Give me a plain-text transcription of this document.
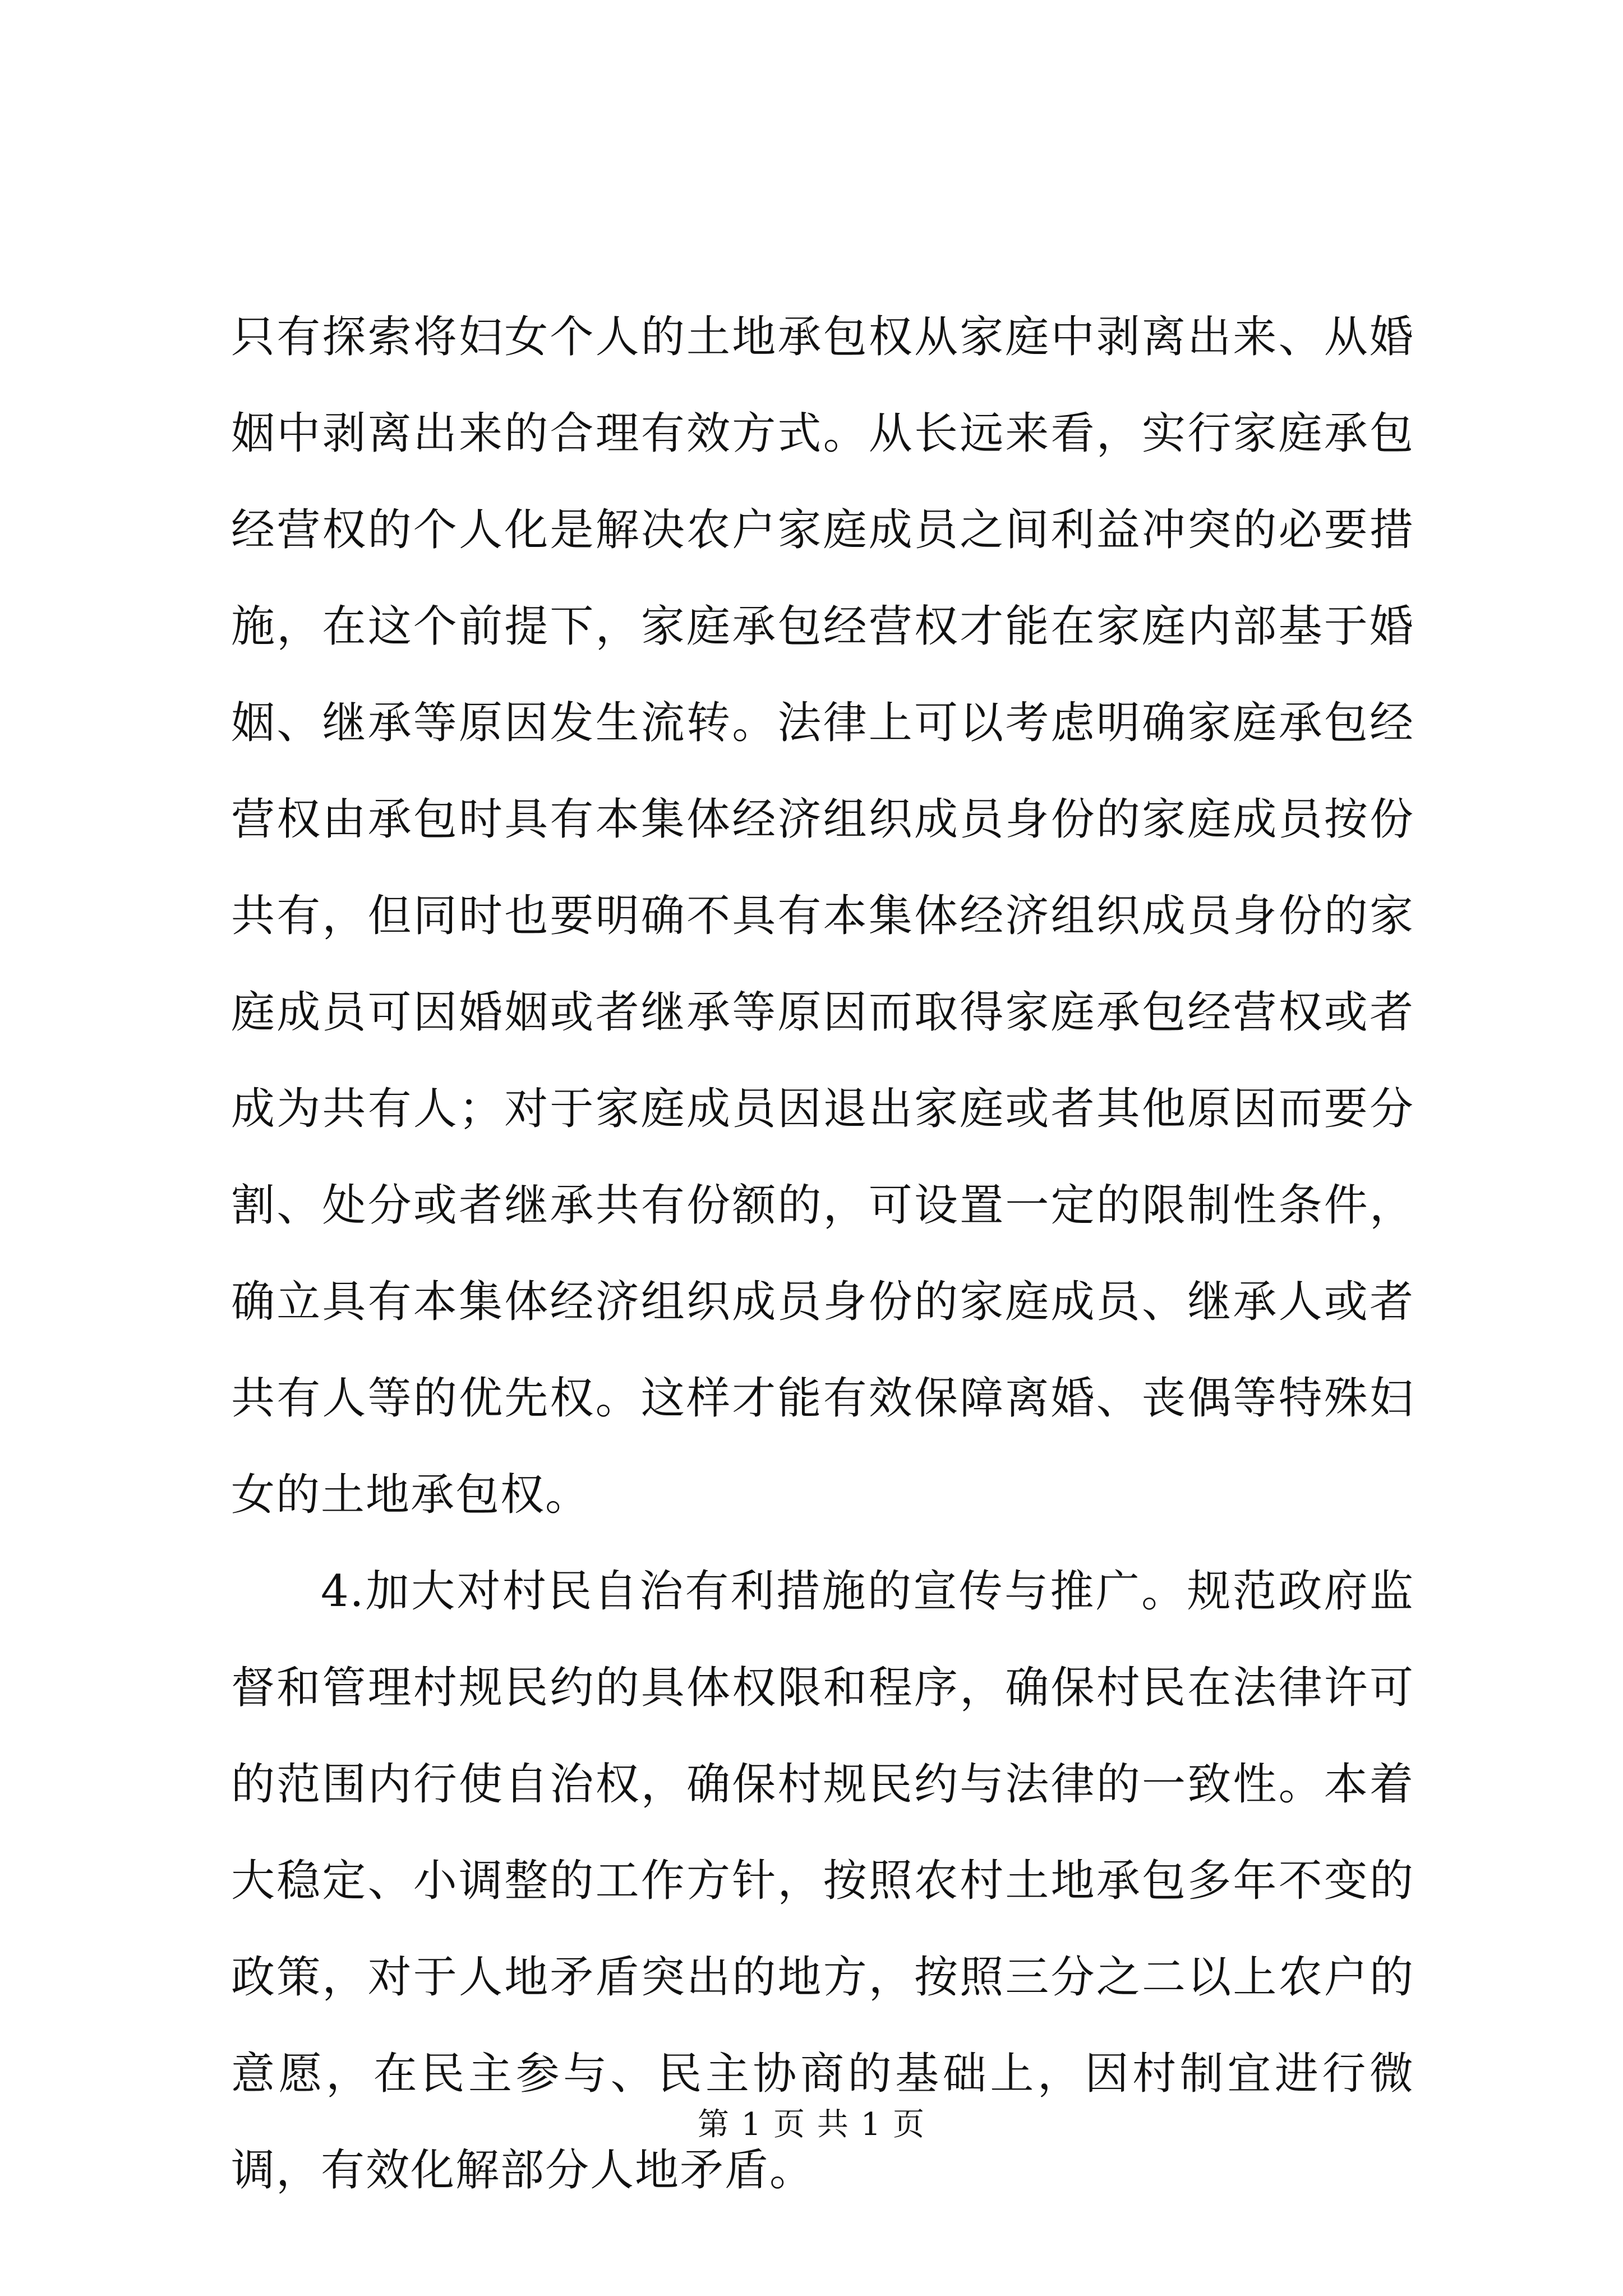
只有探索将妇女个人的土地承包权从家庭中剥离出来、从婚姻中剥离出来的合理有效方式。从长远来看，实行家庭承包经营权的个人化是解决农户家庭成员之间利益冲突的必要措施，在这个前提下，家庭承包经营权才能在家庭内部基于婚姻、继承等原因发生流转。法律上可以考虑明确家庭承包经营权由承包时具有本集体经济组织成员身份的家庭成员按份共有，但同时也要明确不具有本集体经济组织成员身份的家庭成员可因婚姻或者继承等原因而取得家庭承包经营权或者成为共有人；对于家庭成员因退出家庭或者其他原因而要分割、处分或者继承共有份额的，可设置一定的限制性条件，确立具有本集体经济组织成员身份的家庭成员、继承人或者共有人等的优先权。这样才能有效保障离婚、丧偶等特殊妇女的土地承包权。

4.加大对村民自治有利措施的宣传与推广。规范政府监督和管理村规民约的具体权限和程序，确保村民在法律许可的范围内行使自治权，确保村规民约与法律的一致性。本着大稳定、小调整的工作方针，按照农村土地承包多年不变的政策，对于人地矛盾突出的地方，按照三分之二以上农户的意愿，在民主参与、民主协商的基础上，因村制宜进行微调，有效化解部分人地矛盾。

第 1 页 共 1 页
